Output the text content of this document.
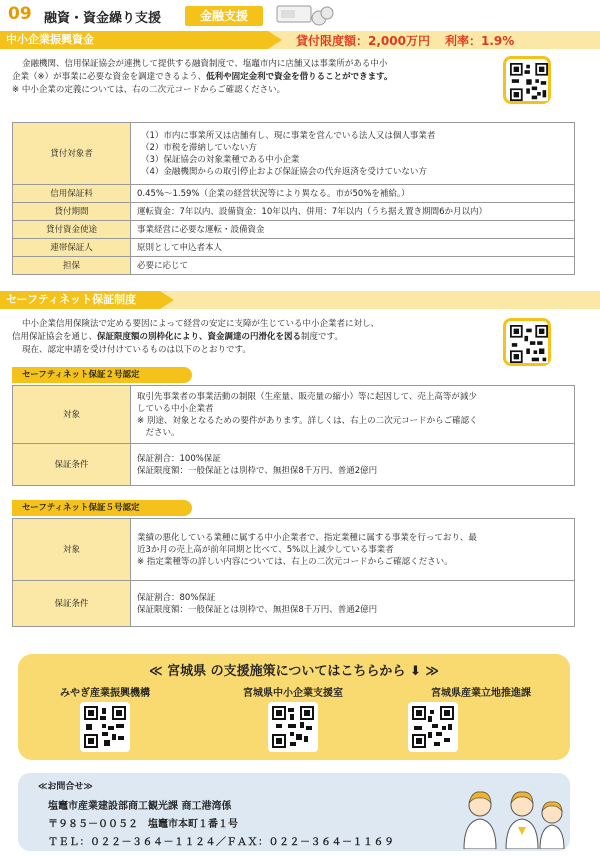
09 融資・資金繰り支援	金融支援
中小企業振興資金	貸付限度額：2,000万円 利率：1.9%
金融機関、信用保証協会が連携して提供する融資制度で、塩竈市内に店舗又は事業所がある中小
企業（※）が事業に必要な資金を調達できるよう、低利や固定金利で資金を借りることができます。
※ 中小企業の定義については、右の二次元コードからご確認ください。
貸付対象者	（1）市内に事業所又は店舗有し、現に事業を営んでいる法人又は個人事業者
（2）市税を滞納していない方
（3）保証協会の対象業種である中小企業
（4）金融機関からの取引停止および保証協会の代弁返済を受けていない方

信用保証料	0.45%～1.59%（企業の経営状況等により異なる。市が50%を補給。）
貸付期間	運転資金：7年以内、設備資金：10年以内、併用：7年以内（うち据え置き期間6か月以内）
貸付資金使途	事業経営に必要な運転・設備資金
連帯保証人	原則として申込者本人
担保	必要に応じて
セーフティネット保証制度
中小企業信用保険法で定める要因によって経営の安定に支障が生じている中小企業者に対し、
信用保証協会を通じ、保証限度額の別枠化により、資金調達の円滑化を図る制度です。
現在、認定申請を受け付けているものは以下のとおりです。
セーフティネット保証２号認定
対象	取引先事業者の事業活動の制限（生産量、販売量の縮小）等に起因して、売上高等が減少
している中小企業者
※ 別途、対象となるための要件があります。詳しくは、右上の二次元コードからご確認く
　ださい。

保証条件	保証割合：100%保証
保証限度額：一般保証とは別枠で、無担保8千万円、普通2億円
セーフティネット保証５号認定
対象	業績の悪化している業種に属する中小企業者で、指定業種に属する事業を行っており、最
近3か月の売上高が前年同期と比べて、5%以上減少している事業者
※ 指定業種等の詳しい内容については、右上の二次元コードからご確認ください。

保証条件	保証割合：80%保証
保証限度額：一般保証とは別枠で、無担保8千万円、普通2億円
≪ 宮城県 の支援施策についてはこちらから ⬇ ≫
みやぎ産業振興機構	宮城県中小企業支援室	宮城県産業立地推進課
≪お問合せ≫
塩竈市産業建設部商工観光課 商工港湾係
〒９８５－００５２　塩竈市本町１番１号
ＴＥＬ：０２２－３６４－１１２４／ＦＡＸ：０２２－３６４－１１６９
